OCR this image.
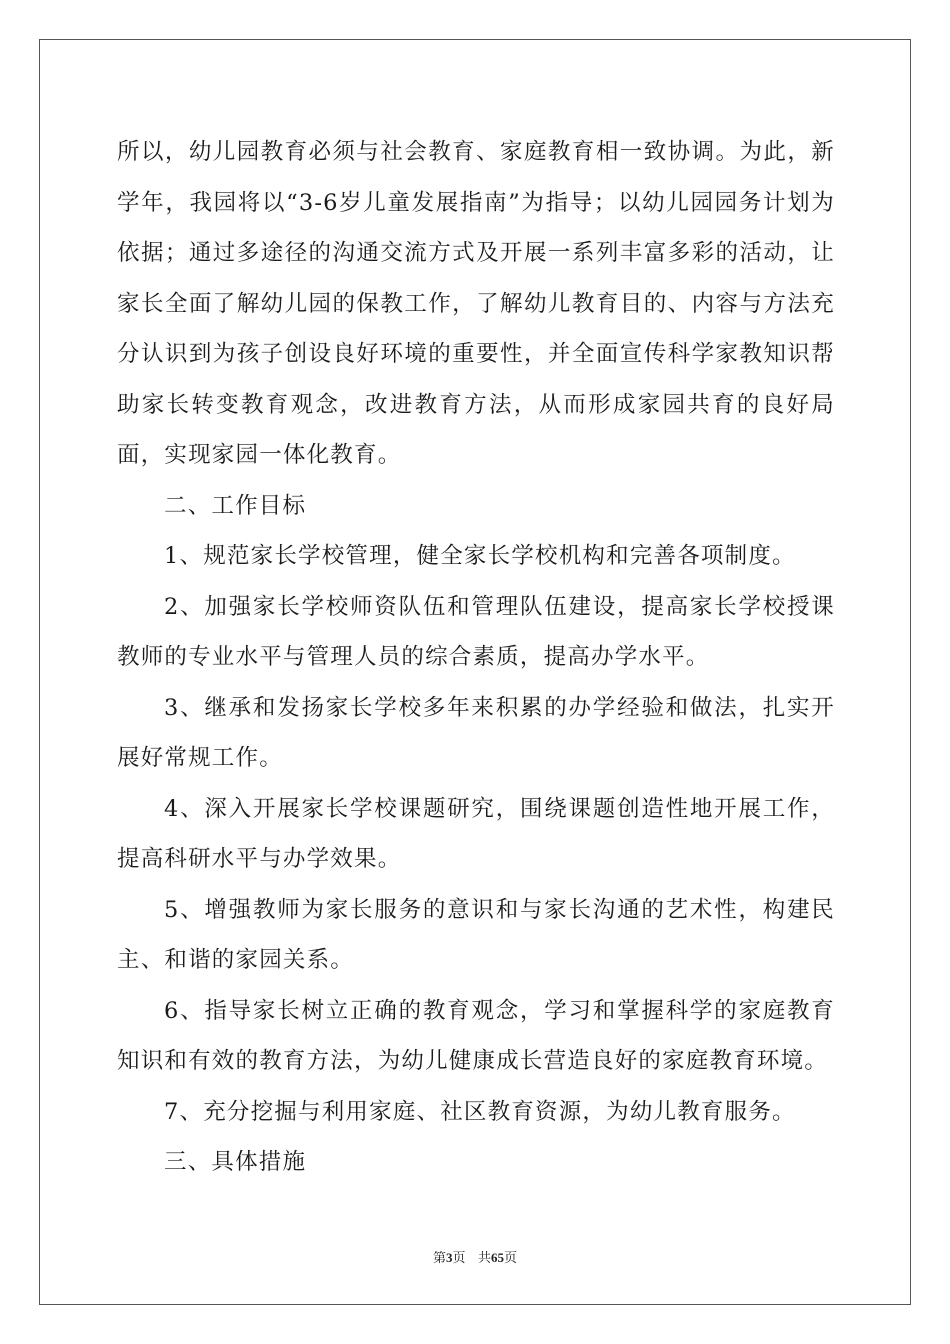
所以，幼儿园教育必须与社会教育、家庭教育相一致协调。为此，新学年，我园将以“3-6岁儿童发展指南”为指导；以幼儿园园务计划为依据；通过多途径的沟通交流方式及开展一系列丰富多彩的活动，让家长全面了解幼儿园的保教工作，了解幼儿教育目的、内容与方法充分认识到为孩子创设良好环境的重要性，并全面宣传科学家教知识帮助家长转变教育观念，改进教育方法，从而形成家园共育的良好局面，实现家园一体化教育。

二、工作目标

1、规范家长学校管理，健全家长学校机构和完善各项制度。

2、加强家长学校师资队伍和管理队伍建设，提高家长学校授课教师的专业水平与管理人员的综合素质，提高办学水平。

3、继承和发扬家长学校多年来积累的办学经验和做法，扎实开展好常规工作。

4、深入开展家长学校课题研究，围绕课题创造性地开展工作，提高科研水平与办学效果。

5、增强教师为家长服务的意识和与家长沟通的艺术性，构建民主、和谐的家园关系。

6、指导家长树立正确的教育观念，学习和掌握科学的家庭教育知识和有效的教育方法，为幼儿健康成长营造良好的家庭教育环境。

7、充分挖掘与利用家庭、社区教育资源，为幼儿教育服务。

三、具体措施

第3页 共65页
